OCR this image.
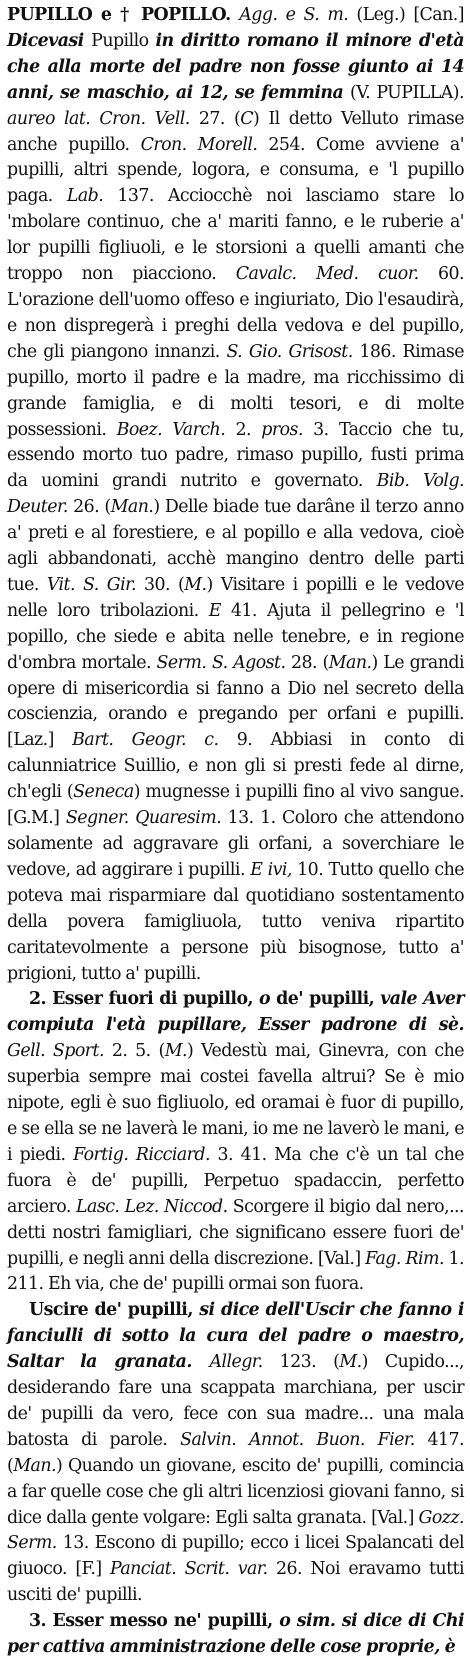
PUPILLO e † POPILLO. Agg. e S. m. (Leg.) [Can.] Dicevasi Pupillo in diritto romano il minore d'età che alla morte del padre non fosse giunto ai 14 anni, se maschio, ai 12, se femmina (V. PUPILLA). aureo lat. Cron. Vell. 27. (C) Il detto Velluto rimase anche pupillo. Cron. Morell. 254. Come avviene a' pupilli, altri spende, logora, e consuma, e 'l pupillo paga. Lab. 137. Acciocchè noi lasciamo stare lo 'mbolare continuo, che a' mariti fanno, e le ruberie a' lor pupilli figliuoli, e le storsioni a quelli amanti che troppo non piacciono. Cavalc. Med. cuor. 60. L'orazione dell'uomo offeso e ingiuriato, Dio l'esaudirà, e non dispregerà i preghi della vedova e del pupillo, che gli piangono innanzi. S. Gio. Grisost. 186. Rimase pupillo, morto il padre e la madre, ma ricchissimo di grande famiglia, e di molti tesori, e di molte possessioni. Boez. Varch. 2. pros. 3. Taccio che tu, essendo morto tuo padre, rimaso pupillo, fusti prima da uomini grandi nutrito e governato. Bib. Volg. Deuter. 26. (Man.) Delle biade tue darâne il terzo anno a' preti e al forestiere, e al popillo e alla vedova, cioè agli abbandonati, acchè mangino dentro delle parti tue. Vit. S. Gir. 30. (M.) Visitare i popilli e le vedove nelle loro tribolazioni. E 41. Ajuta il pellegrino e 'l popillo, che siede e abita nelle tenebre, e in regione d'ombra mortale. Serm. S. Agost. 28. (Man.) Le grandi opere di misericordia si fanno a Dio nel secreto della coscienzia, orando e pregando per orfani e pupilli. [Laz.] Bart. Geogr. c. 9. Abbiasi in conto di calunniatrice Suillio, e non gli si presti fede al dirne, ch'egli (Seneca) mugnesse i pupilli fino al vivo sangue. [G.M.] Segner. Quaresim. 13. 1. Coloro che attendono solamente ad aggravare gli orfani, a soverchiare le vedove, ad aggirare i pupilli. E ivi, 10. Tutto quello che poteva mai risparmiare dal quotidiano sostentamento della povera famigliuola, tutto veniva ripartito caritatevolmente a persone più bisognose, tutto a' prigioni, tutto a' pupilli.

2. Esser fuori di pupillo, o de' pupilli, vale Aver compiuta l'età pupillare, Esser padrone di sè. Gell. Sport. 2. 5. (M.) Vedestù mai, Ginevra, con che superbia sempre mai costei favella altrui? Se è mio nipote, egli è suo figliuolo, ed oramai è fuor di pupillo, e se ella se ne laverà le mani, io me ne laverò le mani, e i piedi. Fortig. Ricciard. 3. 41. Ma che c'è un tal che fuora è de' pupilli, Perpetuo spadaccin, perfetto arciero. Lasc. Lez. Niccod. Scorgere il bigio dal nero,... detti nostri famigliari, che significano essere fuori de' pupilli, e negli anni della discrezione. [Val.] Fag. Rim. 1. 211. Eh via, che de' pupilli ormai son fuora.

Uscire de' pupilli, si dice dell'Uscir che fanno i fanciulli di sotto la cura del padre o maestro, Saltar la granata. Allegr. 123. (M.) Cupido..., desiderando fare una scappata marchiana, per uscir de' pupilli da vero, fece con sua madre... una mala batosta di parole. Salvin. Annot. Buon. Fier. 417. (Man.) Quando un giovane, escito de' pupilli, comincia a far quelle cose che gli altri licenziosi giovani fanno, si dice dalla gente volgare: Egli salta granata. [Val.] Gozz. Serm. 13. Escono di pupillo; ecco i licei Spalancati del giuoco. [F.] Panciat. Scrit. var. 26. Noi eravamo tutti usciti de' pupilli.

3. Esser messo ne' pupilli, o sim. si dice di Chi per cattiva amministrazione delle cose proprie, è
